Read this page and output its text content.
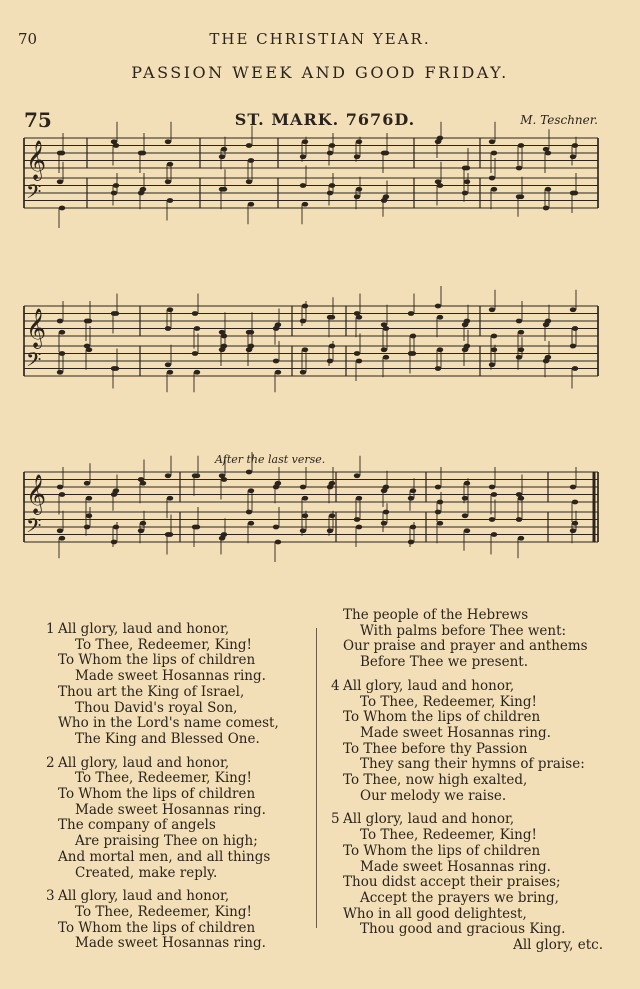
70	THE CHRISTIAN YEAR.
PASSION WEEK AND GOOD FRIDAY.
75	ST. MARK. 7676D.	M. Teschner.
𝄞
𝄢
𝄞
𝄢
𝄞
𝄢
After the last verse.
1 All glory, laud and honor,
To Thee, Redeemer, King!
To Whom the lips of children
Made sweet Hosannas ring.
Thou art the King of Israel,
Thou David's royal Son,
Who in the Lord's name comest,
The King and Blessed One.
2 All glory, laud and honor,
To Thee, Redeemer, King!
To Whom the lips of children
Made sweet Hosannas ring.
The company of angels
Are praising Thee on high;
And mortal men, and all things
Created, make reply.
3 All glory, laud and honor,
To Thee, Redeemer, King!
To Whom the lips of children
Made sweet Hosannas ring.
The people of the Hebrews
With palms before Thee went:
Our praise and prayer and anthems
Before Thee we present.
4 All glory, laud and honor,
To Thee, Redeemer, King!
To Whom the lips of children
Made sweet Hosannas ring.
To Thee before thy Passion
They sang their hymns of praise:
To Thee, now high exalted,
Our melody we raise.
5 All glory, laud and honor,
To Thee, Redeemer, King!
To Whom the lips of children
Made sweet Hosannas ring.
Thou didst accept their praises;
Accept the prayers we bring,
Who in all good delightest,
Thou good and gracious King.
All glory, etc.
